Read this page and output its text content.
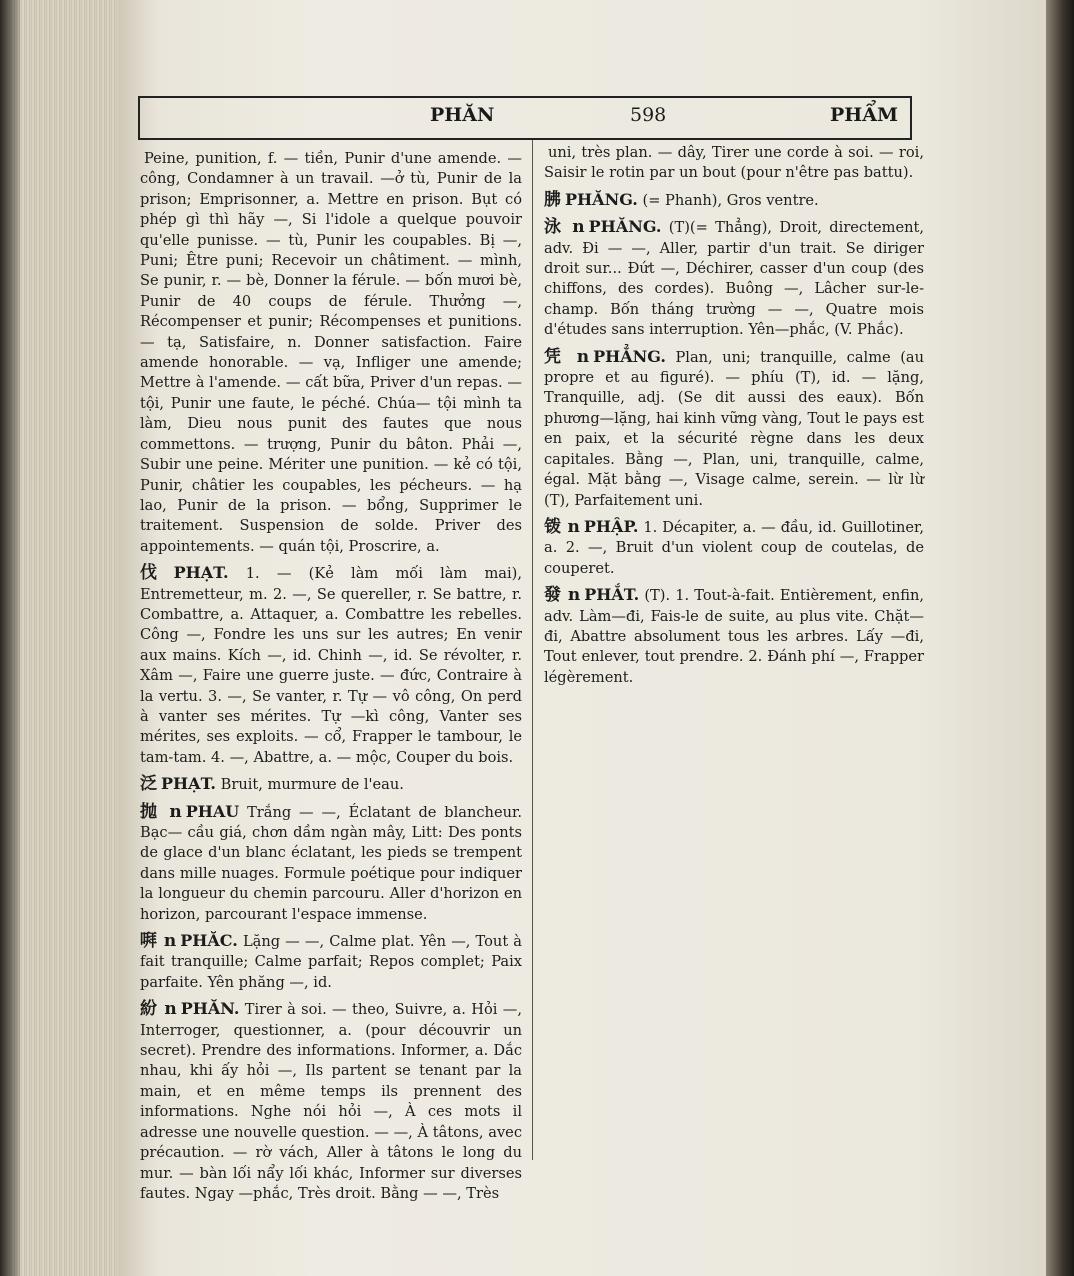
PHĂN	598	PHẨM
Peine, punition, f. — tiền, Punir d'une amende. — công, Condamner à un travail. —ở tù, Punir de la prison; Emprisonner, a. Mettre en prison. Bụt có phép gì thì hãy —, Si l'idole a quelque pouvoir qu'elle punisse. — tù, Punir les coupables. Bị —, Puni; Être puni; Recevoir un châtiment. — mình, Se punir, r. — bè, Donner la férule. — bốn mươi bè, Punir de 40 coups de férule. Thưởng —, Récompenser et punir; Récompenses et punitions. — tạ, Satisfaire, n. Donner satisfaction. Faire amende honorable. — vạ, Infliger une amende; Mettre à l'amende. — cất bữa, Priver d'un repas. — tội, Punir une faute, le péché. Chúa— tội mình ta làm, Dieu nous punit des fautes que nous commettons. — trượng, Punir du bâton. Phải —, Subir une peine. Mériter une punition. — kẻ có tội, Punir, châtier les coupables, les pécheurs. — hạ lao, Punir de la prison. — bổng, Supprimer le traitement. Suspension de solde. Priver des appointements. — quán tội, Proscrire, a.
伐 PHẠT. 1. — (Kẻ làm mối làm mai), Entremetteur, m. 2. —, Se quereller, r. Se battre, r. Combattre, a. Attaquer, a. Combattre les rebelles. Công —, Fondre les uns sur les autres; En venir aux mains. Kích —, id. Chinh —, id. Se révolter, r. Xâm —, Faire une guerre juste. — đức, Contraire à la vertu. 3. —, Se vanter, r. Tự — vô công, On perd à vanter ses mérites. Tự —kì công, Vanter ses mérites, ses exploits. — cổ, Frapper le tambour, le tam-tam. 4. —, Abattre, a. — mộc, Couper du bois.
泛 PHẠT. Bruit, murmure de l'eau.
抛 n PHAU Trắng — —, Éclatant de blancheur. Bạc— cầu giá, chơn dầm ngàn mây, Litt: Des ponts de glace d'un blanc éclatant, les pieds se trempent dans mille nuages. Formule poétique pour indiquer la longueur du chemin parcouru. Aller d'horizon en horizon, parcourant l'espace immense.
㗑 n PHĂC. Lặng — —, Calme plat. Yên —, Tout à fait tranquille; Calme parfait; Repos complet; Paix parfaite. Yên phăng —, id.
紛 n PHĂN. Tirer à soi. — theo, Suivre, a. Hỏi —, Interroger, questionner, a. (pour découvrir un secret). Prendre des informations. Informer, a. Dắc nhau, khi ấy hỏi —, Ils partent se tenant par la main, et en même temps ils prennent des informations. Nghe nói hỏi —, À ces mots il adresse une nouvelle question. — —, À tâtons, avec précaution. — rờ vách, Aller à tâtons le long du mur. — bàn lối nẩy lối khác, Informer sur diverses fautes. Ngay —phắc, Très droit. Bằng — —, Très
uni, très plan. — dây, Tirer une corde à soi. — roi, Saisir le rotin par un bout (pour n'être pas battu).
胇 PHĂNG. (= Phanh), Gros ventre.
泳 n PHĂNG. (T)(= Thẳng), Droit, directement, adv. Đi — —, Aller, partir d'un trait. Se diriger droit sur... Đứt —, Déchirer, casser d'un coup (des chiffons, des cordes). Buông —, Lâcher sur-le-champ. Bốn tháng trường — —, Quatre mois d'études sans interruption. Yên—phắc, (V. Phắc).
凭 n PHẲNG. Plan, uni; tranquille, calme (au propre et au figuré). — phíu (T), id. — lặng, Tranquille, adj. (Se dit aussi des eaux). Bốn phương—lặng, hai kinh vững vàng, Tout le pays est en paix, et la sécurité règne dans les deux capitales. Bằng —, Plan, uni, tranquille, calme, égal. Mặt bằng —, Visage calme, serein. — lừ lừ (T), Parfaitement uni.
䥽 n PHẬP. 1. Décapiter, a. — đầu, id. Guillotiner, a. 2. —, Bruit d'un violent coup de coutelas, de couperet.
發 n PHẮT. (T). 1. Tout-à-fait. Entièrement, enfin, adv. Làm—đi, Fais-le de suite, au plus vite. Chặt—đi, Abattre absolument tous les arbres. Lấy —đi, Tout enlever, tout prendre. 2. Đánh phí —, Frapper légèrement.
